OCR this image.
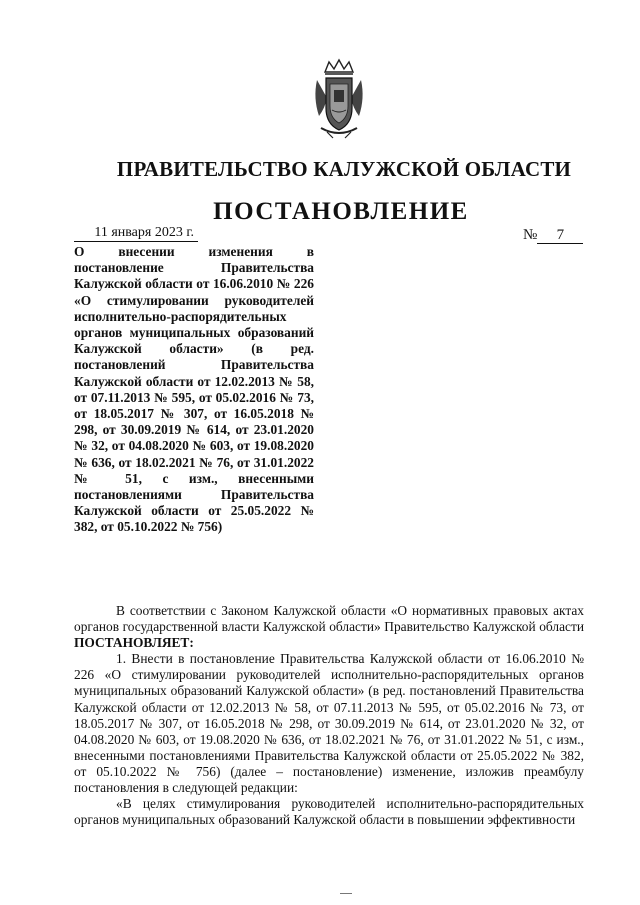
ПРАВИТЕЛЬСТВО КАЛУЖСКОЙ ОБЛАСТИ
ПОСТАНОВЛЕНИЕ
11 января 2023 г.	№ 7
О внесении изменения в постановление Правительства Калужской области от 16.06.2010 № 226 «О стимулировании руководителей исполнительно-распорядительных органов муниципальных образований Калужской области» (в ред. постановлений Правительства Калужской области от 12.02.2013 № 58, от 07.11.2013 № 595, от 05.02.2016 № 73, от 18.05.2017 № 307, от 16.05.2018 № 298, от 30.09.2019 № 614, от 23.01.2020 № 32, от 04.08.2020 № 603, от 19.08.2020 № 636, от 18.02.2021 № 76, от 31.01.2022 № 51, с изм., внесенными постановлениями Правительства Калужской области от 25.05.2022 № 382, от 05.10.2022 № 756)

В соответствии с Законом Калужской области «О нормативных правовых актах органов государственной власти Калужской области» Правительство Калужской области ПОСТАНОВЛЯЕТ:

1. Внести в постановление Правительства Калужской области от 16.06.2010 № 226 «О стимулировании руководителей исполнительно-распорядительных органов муниципальных образований Калужской области» (в ред. постановлений Правительства Калужской области от 12.02.2013 № 58, от 07.11.2013 № 595, от 05.02.2016 № 73, от 18.05.2017 № 307, от 16.05.2018 № 298, от 30.09.2019 № 614, от 23.01.2020 № 32, от 04.08.2020 № 603, от 19.08.2020 № 636, от 18.02.2021 № 76, от 31.01.2022 № 51, с изм., внесенными постановлениями Правительства Калужской области от 25.05.2022 № 382, от 05.10.2022 № 756) (далее – постановление) изменение, изложив преамбулу постановления в следующей редакции:

«В целях стимулирования руководителей исполнительно-распорядительных органов муниципальных образований Калужской области в повышении эффективности
